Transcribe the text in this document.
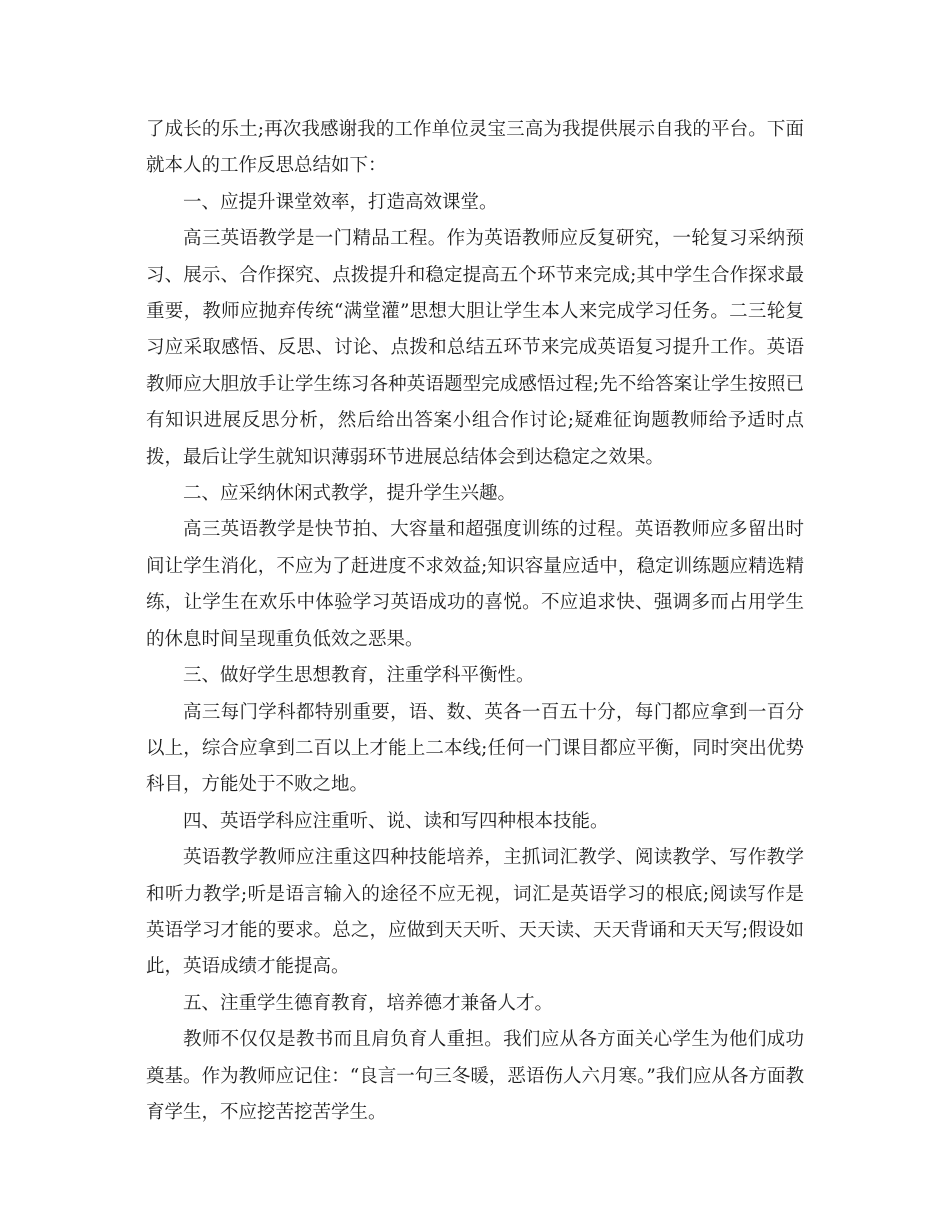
了成长的乐土;再次我感谢我的工作单位灵宝三高为我提供展示自我的平台。下面就本人的工作反思总结如下：

一、应提升课堂效率，打造高效课堂。

高三英语教学是一门精品工程。作为英语教师应反复研究，一轮复习采纳预习、展示、合作探究、点拨提升和稳定提高五个环节来完成;其中学生合作探求最重要，教师应抛弃传统“满堂灌”思想大胆让学生本人来完成学习任务。二三轮复习应采取感悟、反思、讨论、点拨和总结五环节来完成英语复习提升工作。英语教师应大胆放手让学生练习各种英语题型完成感悟过程;先不给答案让学生按照已有知识进展反思分析，然后给出答案小组合作讨论;疑难征询题教师给予适时点拨，最后让学生就知识薄弱环节进展总结体会到达稳定之效果。

二、应采纳休闲式教学，提升学生兴趣。

高三英语教学是快节拍、大容量和超强度训练的过程。英语教师应多留出时间让学生消化，不应为了赶进度不求效益;知识容量应适中，稳定训练题应精选精练，让学生在欢乐中体验学习英语成功的喜悦。不应追求快、强调多而占用学生的休息时间呈现重负低效之恶果。

三、做好学生思想教育，注重学科平衡性。

高三每门学科都特别重要，语、数、英各一百五十分，每门都应拿到一百分以上，综合应拿到二百以上才能上二本线;任何一门课目都应平衡，同时突出优势科目，方能处于不败之地。

四、英语学科应注重听、说、读和写四种根本技能。

英语教学教师应注重这四种技能培养，主抓词汇教学、阅读教学、写作教学和听力教学;听是语言输入的途径不应无视，词汇是英语学习的根底;阅读写作是英语学习才能的要求。总之，应做到天天听、天天读、天天背诵和天天写;假设如此，英语成绩才能提高。

五、注重学生德育教育，培养德才兼备人才。

教师不仅仅是教书而且肩负育人重担。我们应从各方面关心学生为他们成功奠基。作为教师应记住：“良言一句三冬暖，恶语伤人六月寒。”我们应从各方面教育学生，不应挖苦挖苦学生。
